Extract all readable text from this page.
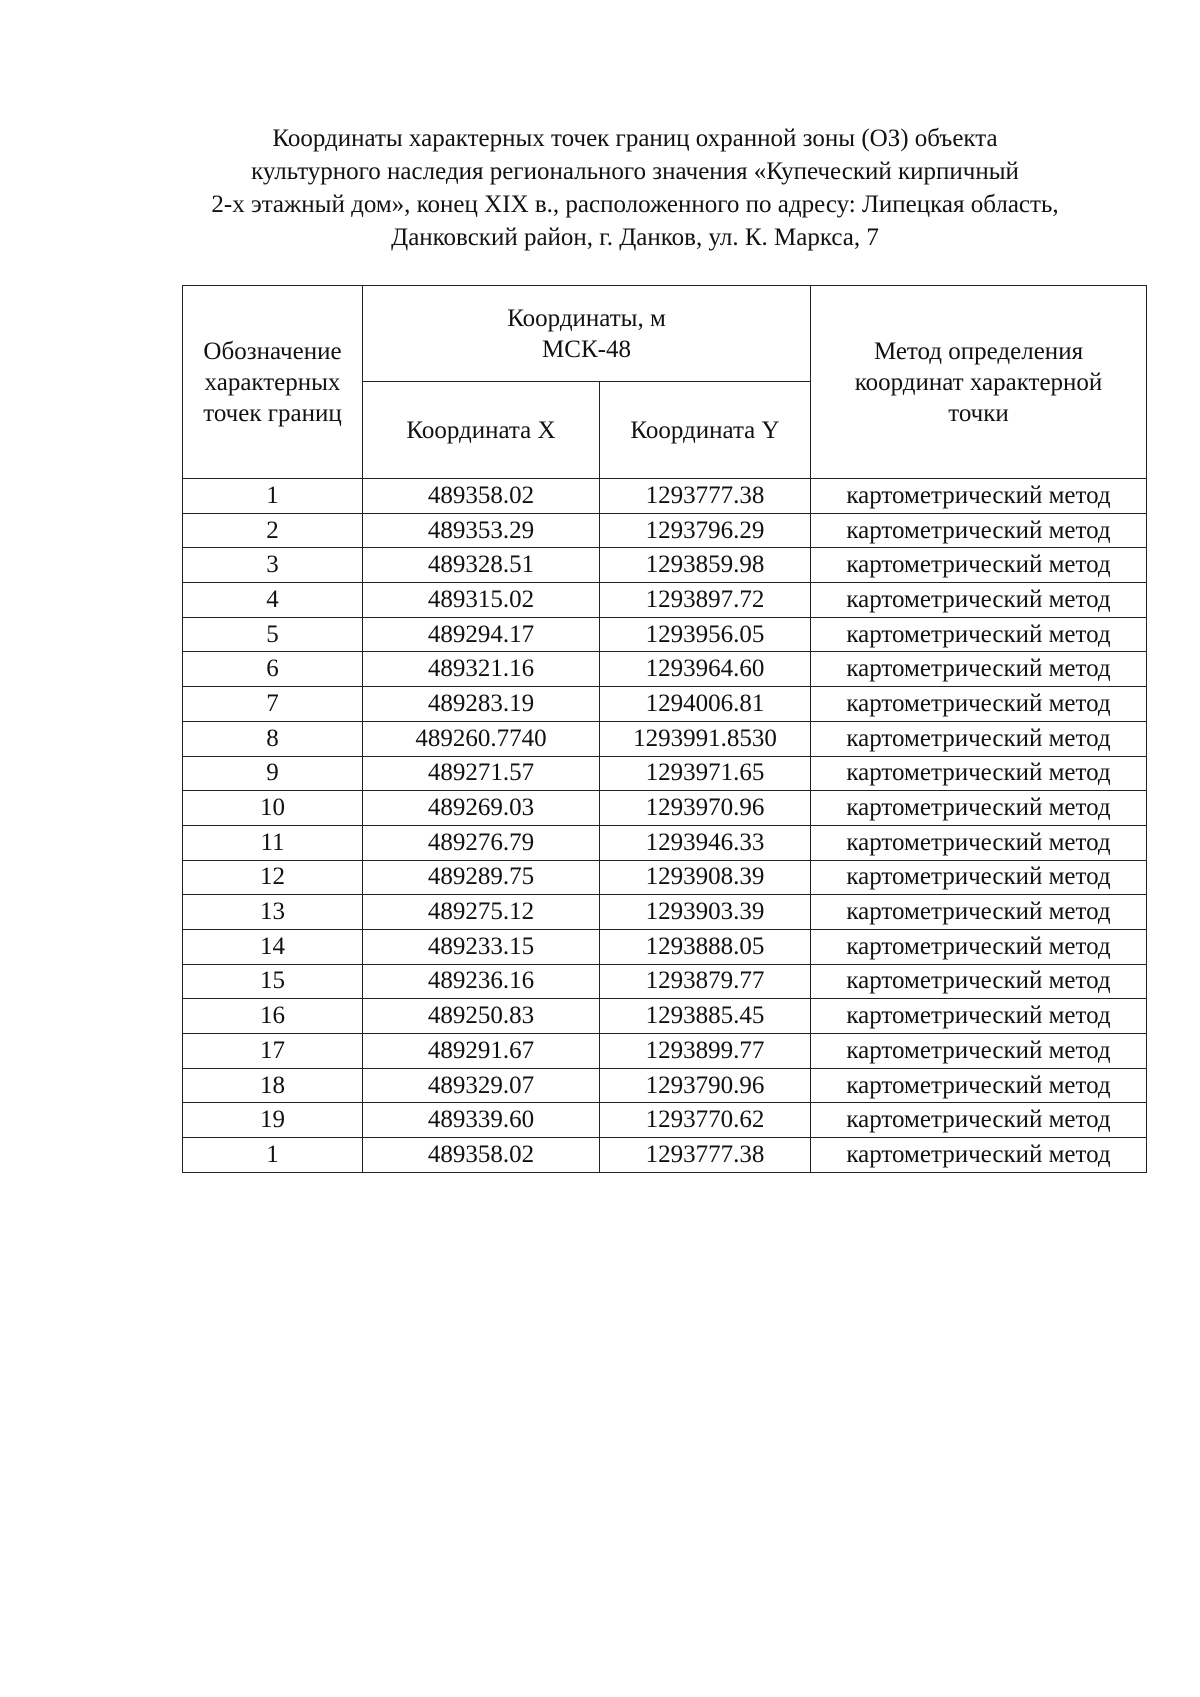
Координаты характерных точек границ охранной зоны (ОЗ) объекта
культурного наследия регионального значения «Купеческий кирпичный
2-х этажный дом», конец XIX в., расположенного по адресу: Липецкая область,
Данковский район, г. Данков, ул. К. Маркса, 7
Обозначение характерных точек границ	Координаты, м МСК-48		Метод определения координат характерной точки
	Координата X	Координата Y	
1	489358.02	1293777.38	картометрический метод
2	489353.29	1293796.29	картометрический метод
3	489328.51	1293859.98	картометрический метод
4	489315.02	1293897.72	картометрический метод
5	489294.17	1293956.05	картометрический метод
6	489321.16	1293964.60	картометрический метод
7	489283.19	1294006.81	картометрический метод
8	489260.7740	1293991.8530	картометрический метод
9	489271.57	1293971.65	картометрический метод
10	489269.03	1293970.96	картометрический метод
11	489276.79	1293946.33	картометрический метод
12	489289.75	1293908.39	картометрический метод
13	489275.12	1293903.39	картометрический метод
14	489233.15	1293888.05	картометрический метод
15	489236.16	1293879.77	картометрический метод
16	489250.83	1293885.45	картометрический метод
17	489291.67	1293899.77	картометрический метод
18	489329.07	1293790.96	картометрический метод
19	489339.60	1293770.62	картометрический метод
1	489358.02	1293777.38	картометрический метод
